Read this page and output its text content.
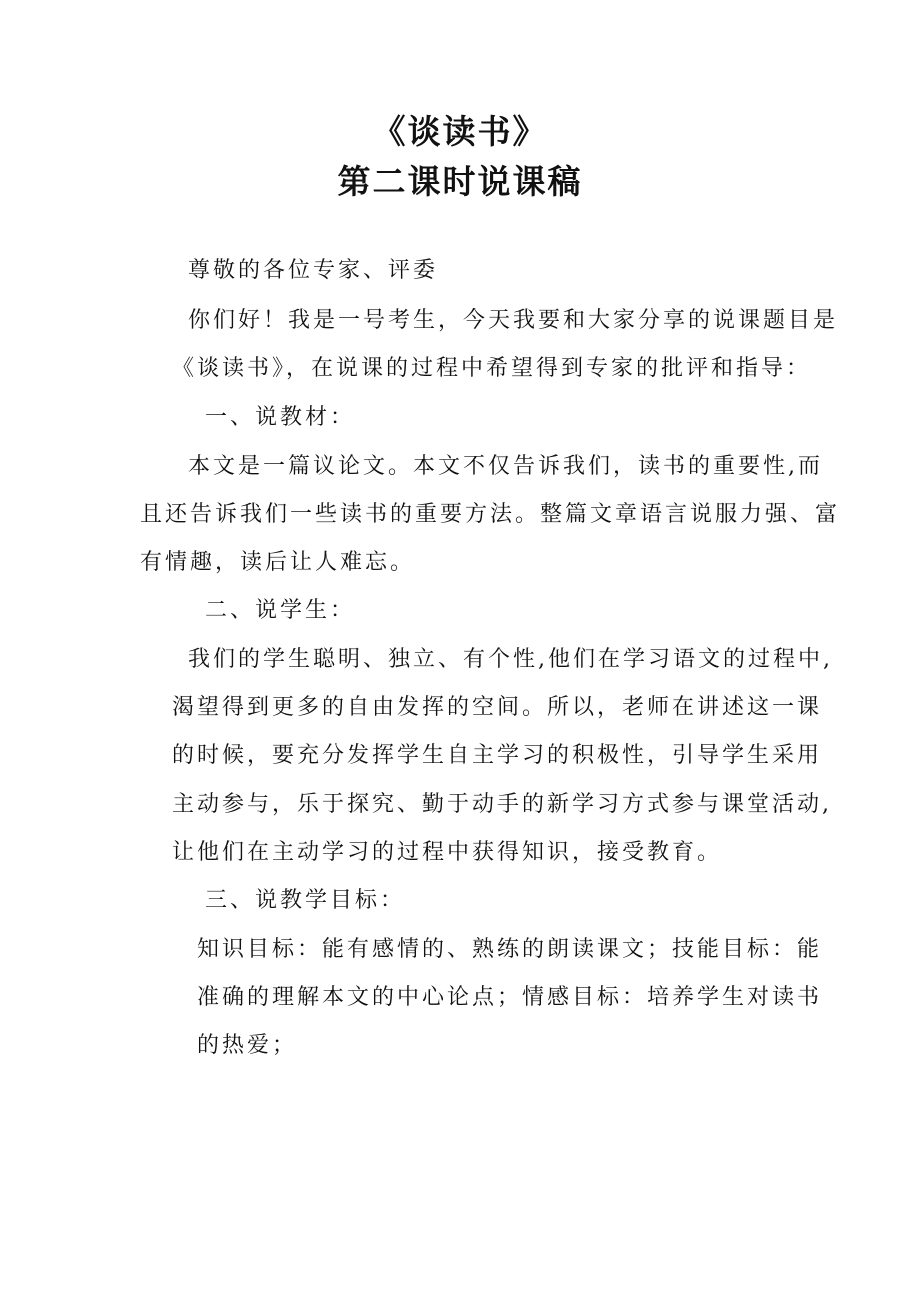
《谈读书》
第二课时说课稿
尊敬的各位专家、评委
你们好！我是一号考生，今天我要和大家分享的说课题目是
《谈读书》，在说课的过程中希望得到专家的批评和指导：
一、说教材：
本文是一篇议论文。本文不仅告诉我们，读书的重要性,而
且还告诉我们一些读书的重要方法。整篇文章语言说服力强、富
有情趣，读后让人难忘。
二、说学生：
我们的学生聪明、独立、有个性,他们在学习语文的过程中,
渴望得到更多的自由发挥的空间。所以，老师在讲述这一课
的时候，要充分发挥学生自主学习的积极性，引导学生采用
主动参与，乐于探究、勤于动手的新学习方式参与课堂活动,
让他们在主动学习的过程中获得知识，接受教育。
三、说教学目标：
知识目标：能有感情的、熟练的朗读课文；技能目标：能
准确的理解本文的中心论点；情感目标：培养学生对读书
的热爱；
